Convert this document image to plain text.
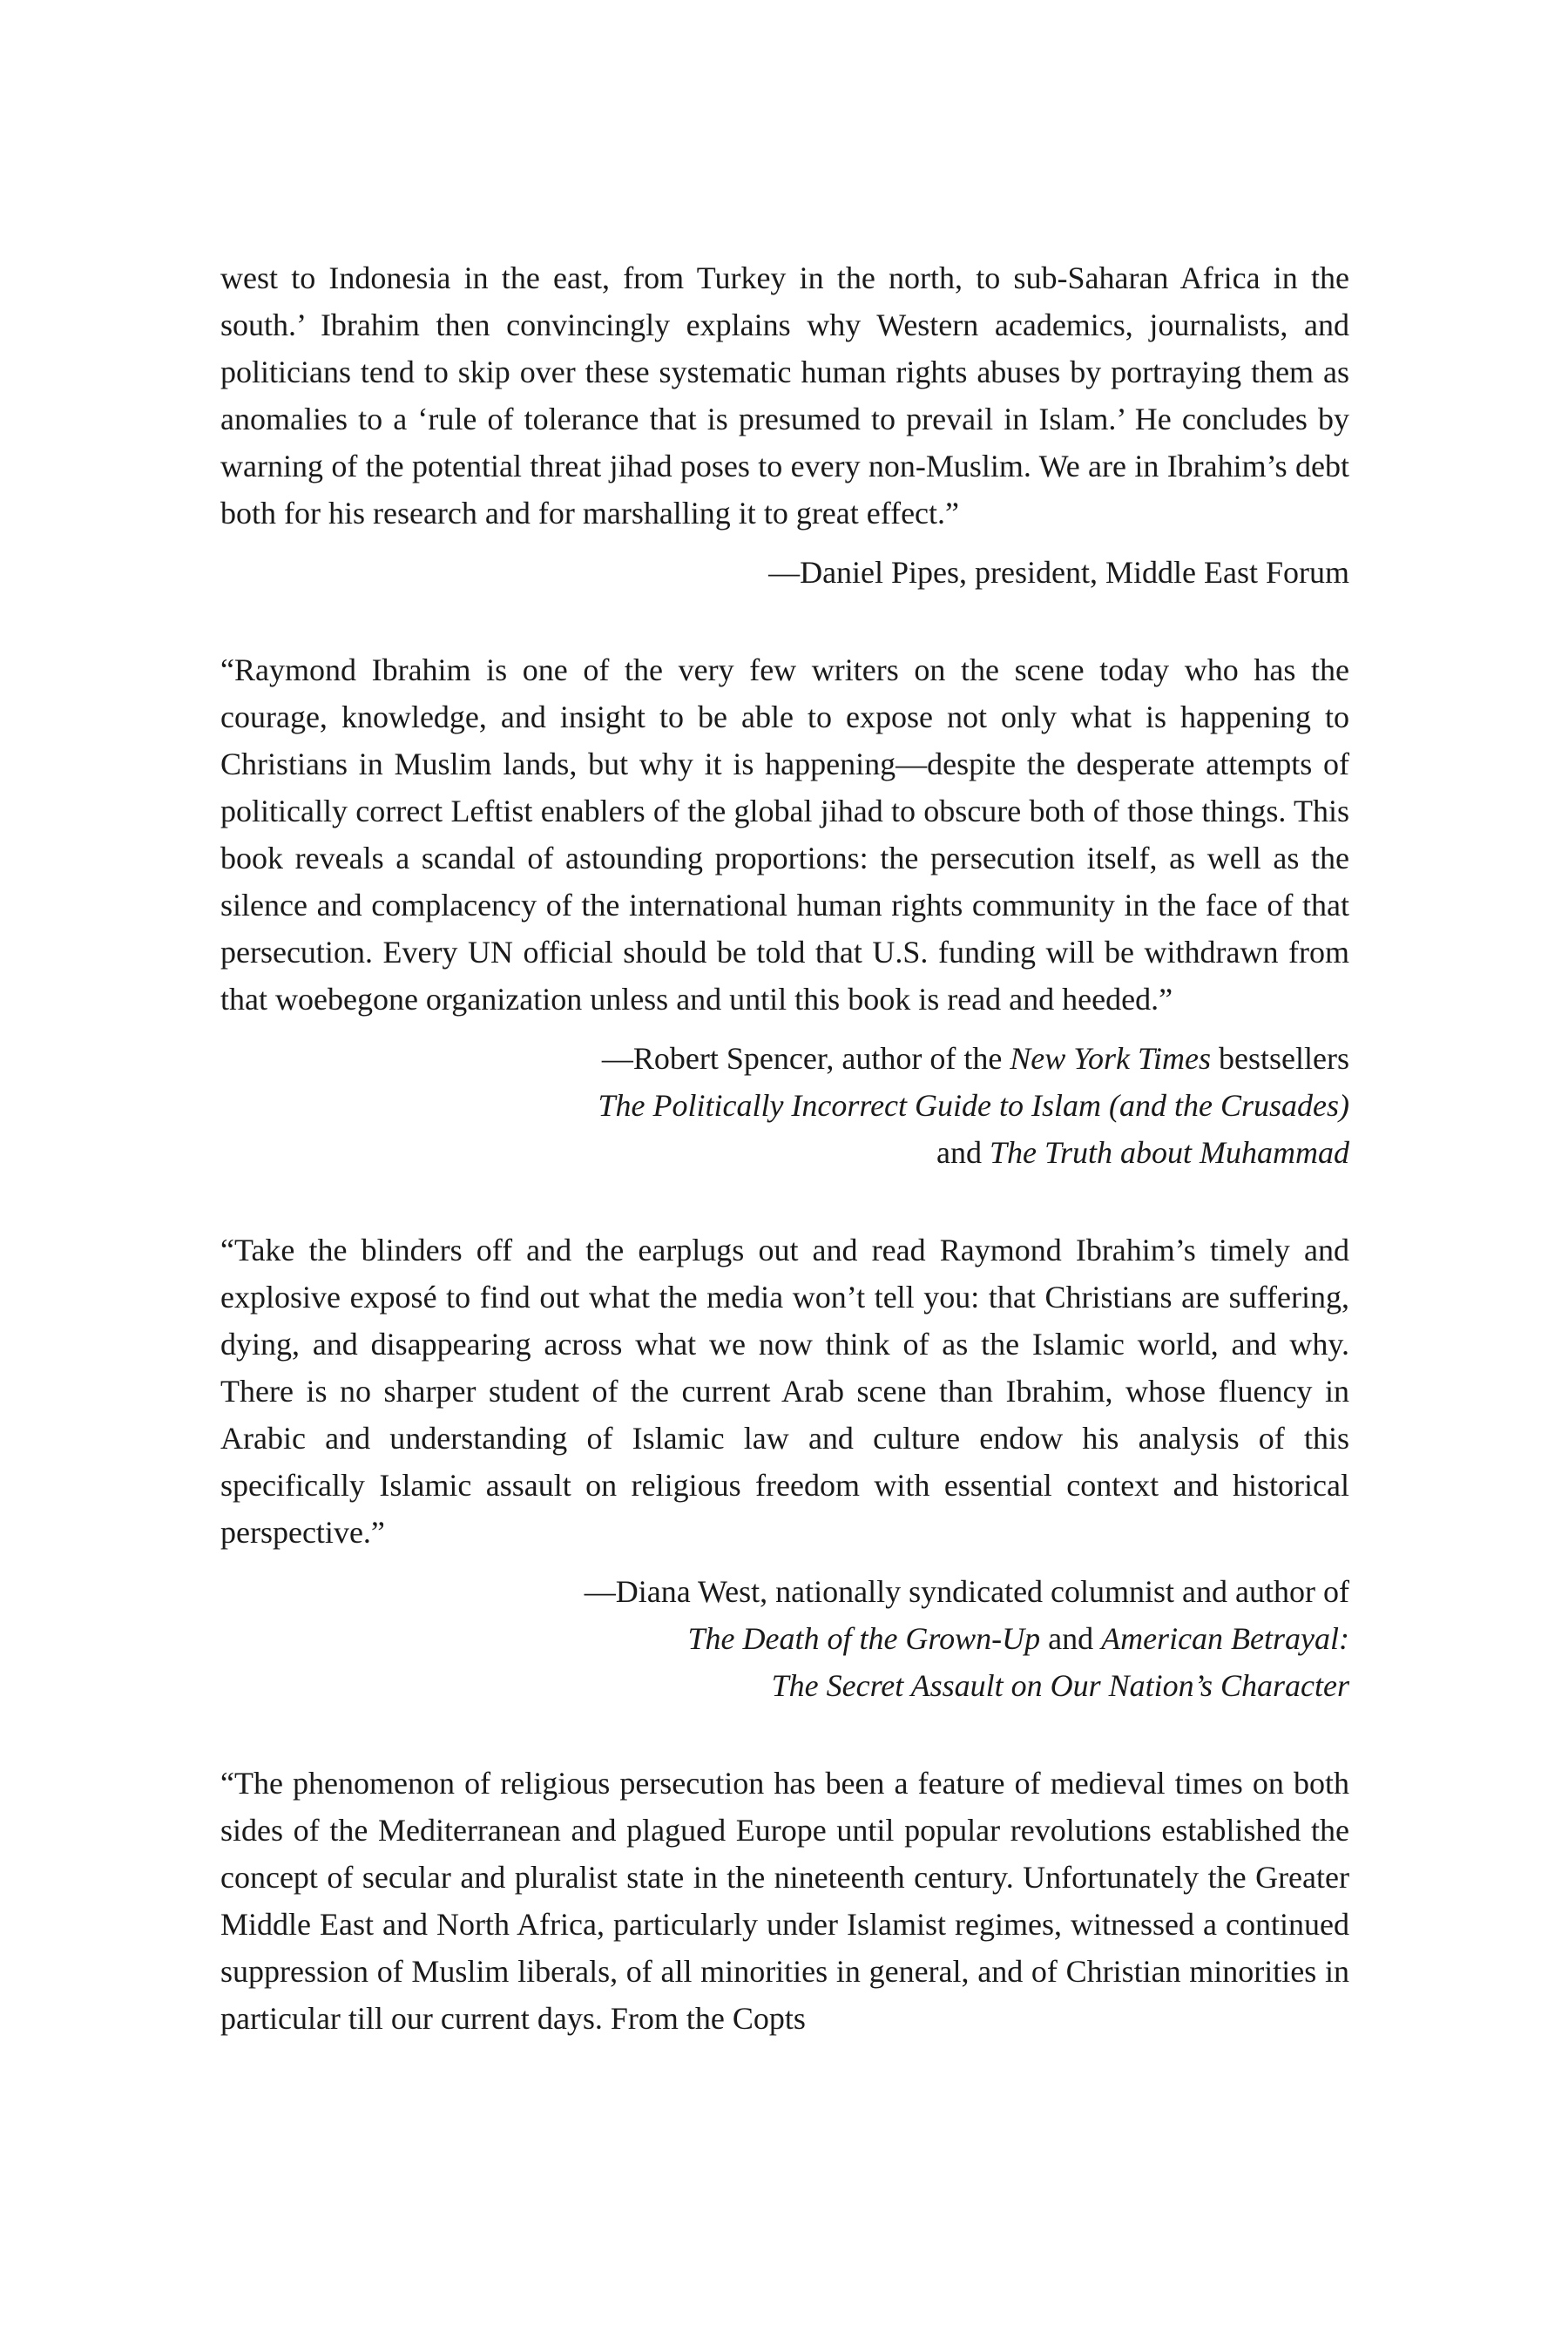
west to Indonesia in the east, from Turkey in the north, to sub-Saharan Africa in the south.’ Ibrahim then convincingly explains why Western academics, journalists, and politicians tend to skip over these systematic human rights abuses by portraying them as anomalies to a ‘rule of tolerance that is presumed to prevail in Islam.’ He concludes by warning of the potential threat jihad poses to every non-Muslim. We are in Ibrahim’s debt both for his research and for marshalling it to great effect.”

—Daniel Pipes, president, Middle East Forum

“Raymond Ibrahim is one of the very few writers on the scene today who has the courage, knowledge, and insight to be able to expose not only what is happening to Christians in Muslim lands, but why it is happening—despite the desperate attempts of politically correct Leftist enablers of the global jihad to obscure both of those things. This book reveals a scandal of astounding proportions: the persecution itself, as well as the silence and complacency of the international human rights community in the face of that persecution. Every UN official should be told that U.S. funding will be withdrawn from that woebegone organization unless and until this book is read and heeded.”

—Robert Spencer, author of the New York Times bestsellers
The Politically Incorrect Guide to Islam (and the Crusades)
and The Truth about Muhammad

“Take the blinders off and the earplugs out and read Raymond Ibrahim’s timely and explosive exposé to find out what the media won’t tell you: that Christians are suffering, dying, and disappearing across what we now think of as the Islamic world, and why. There is no sharper student of the current Arab scene than Ibrahim, whose fluency in Arabic and understanding of Islamic law and culture endow his analysis of this specifically Islamic assault on religious freedom with essential context and historical perspective.”

—Diana West, nationally syndicated columnist and author of
The Death of the Grown-Up and American Betrayal:
The Secret Assault on Our Nation’s Character

“The phenomenon of religious persecution has been a feature of medieval times on both sides of the Mediterranean and plagued Europe until popular revolutions established the concept of secular and pluralist state in the nineteenth century. Unfortunately the Greater Middle East and North Africa, particularly under Islamist regimes, witnessed a continued suppression of Muslim liberals, of all minorities in general, and of Christian minorities in particular till our current days. From the Copts
